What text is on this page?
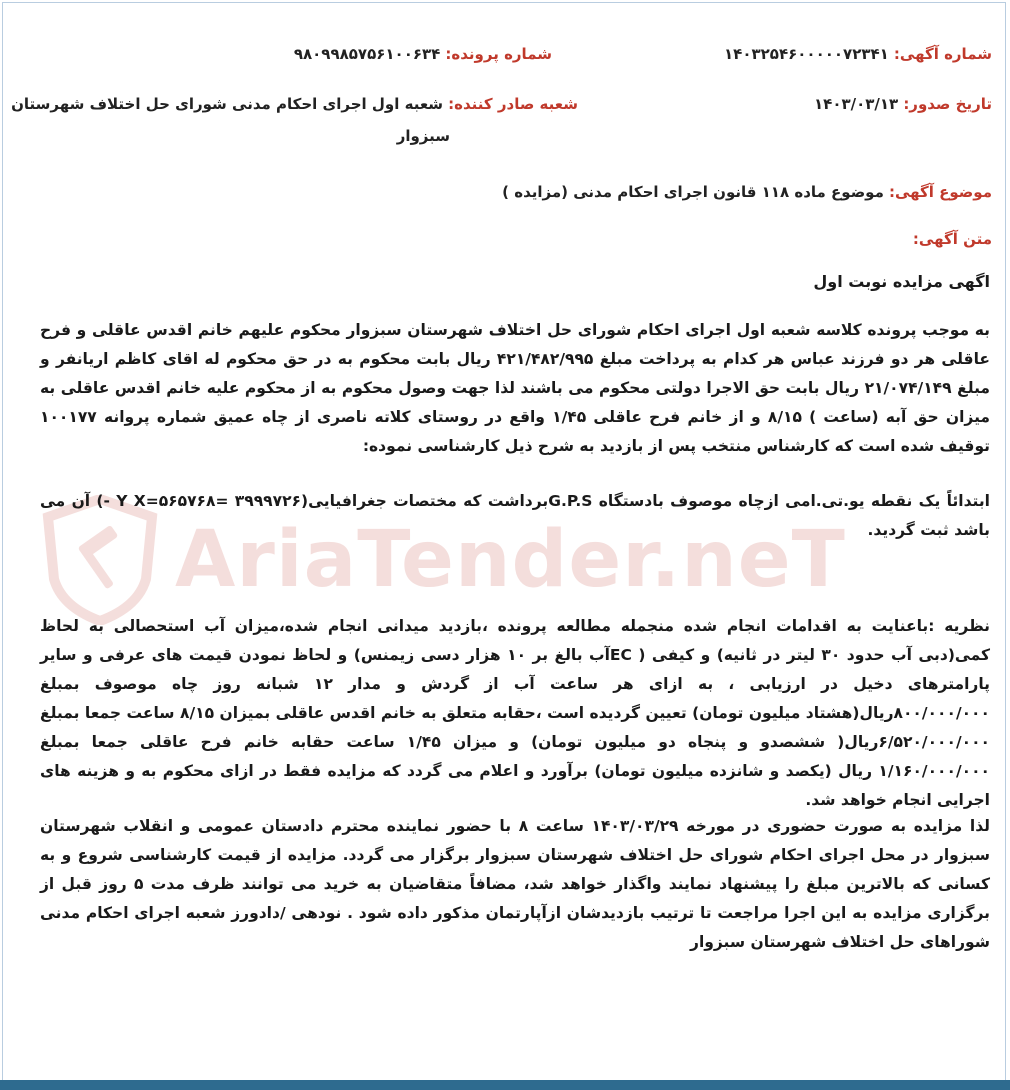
شماره آگهی: ۱۴۰۳۲۵۴۶۰۰۰۰۰۷۲۳۴۱
شماره پرونده: ۹۸۰۹۹۸۵۷۵۶۱۰۰۶۳۴
تاریخ صدور: ۱۴۰۳/۰۳/۱۳
شعبه صادر کننده: شعبه اول اجرای احکام مدنی شورای حل اختلاف شهرستان
سبزوار
موضوع آگهی: موضوع ماده ۱۱۸ قانون اجرای احکام مدنی (مزایده )
متن آگهی:
اگهی مزایده نوبت اول
به موجب پرونده کلاسه شعبه اول اجرای احکام شورای حل اختلاف شهرستان سبزوار محکوم علیهم خانم اقدس عاقلی و فرح عاقلی هر دو فرزند عباس هر کدام به پرداخت مبلغ ۴۲۱/۴۸۲/۹۹۵ ریال بابت محکوم به در حق محکوم له اقای کاظم اریانفر و مبلغ ۲۱/۰۷۴/۱۴۹ ریال بابت حق الاجرا دولتی محکوم می باشند لذا جهت وصول محکوم به از محکوم علیه خانم اقدس عاقلی به میزان حق آبه (ساعت ) ۸/۱۵ و از خانم فرح عاقلی ۱/۴۵ واقع در روستای کلاته ناصری از چاه عمیق شماره پروانه ۱۰۰۱۷۷ توقیف شده است که کارشناس منتخب پس از بازدید به شرح ذیل کارشناسی نموده:
ابتدائاً یک نقطه یو.تی.امی ازچاه موصوف بادستگاه G.P.Sبرداشت که مختصات جغرافیایی(۳۹۹۹۷۲۶ =Y X=۵۶۵۷۶۸ -) آن می باشد ثبت گردید.
نظریه :باعنایت به اقدامات انجام شده منجمله مطالعه پرونده ،بازدید میدانی انجام شده،میزان آب استحصالی به لحاظ کمی(دبی آب حدود ۳۰ لیتر در ثانیه) و کیفی ( ECآب بالغ بر ۱۰ هزار دسی زیمنس) و لحاظ نمودن قیمت های عرفی و سایر پارامترهای دخیل در ارزیابی ، به ازای هر ساعت آب از گردش و مدار ۱۲ شبانه روز چاه موصوف بمبلغ ۸۰۰/۰۰۰/۰۰۰ریال(هشتاد میلیون تومان) تعیین گردیده است ،حقابه متعلق به خانم اقدس عاقلی بمیزان ۸/۱۵ ساعت جمعا بمبلغ ۶/۵۲۰/۰۰۰/۰۰۰ریال( ششصدو و پنجاه دو میلیون تومان) و میزان ۱/۴۵ ساعت حقابه خانم فرح عاقلی جمعا بمبلغ ۱/۱۶۰/۰۰۰/۰۰۰ ریال (یکصد و شانزده میلیون تومان) برآورد و اعلام می گردد که مزایده فقط در ازای محکوم به و هزینه های اجرایی انجام خواهد شد.
لذا مزایده به صورت حضوری در مورخه ۱۴۰۳/۰۳/۲۹ ساعت ۸ با حضور نماینده محترم دادستان عمومی و انقلاب شهرستان سبزوار در محل اجرای احکام شورای حل اختلاف شهرستان سبزوار برگزار می گردد. مزایده از قیمت کارشناسی شروع و به کسانی که بالاترین مبلغ را پیشنهاد نمایند واگذار خواهد شد، مضافاً متقاضیان به خرید می توانند ظرف مدت ۵ روز قبل از برگزاری مزایده به این اجرا مراجعت تا ترتیب بازدیدشان ازآپارتمان مذکور داده شود . نودهی /دادورز شعبه اجرای احکام مدنی شوراهای حل اختلاف شهرستان سبزوار
